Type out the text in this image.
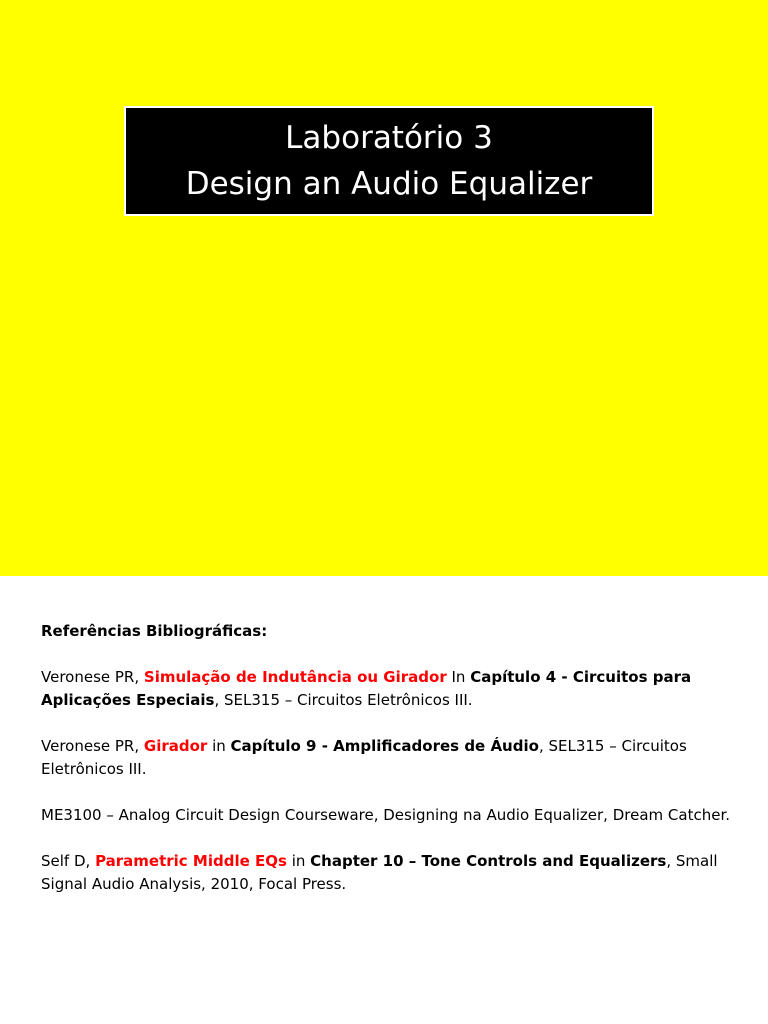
Laboratório 3
Design an Audio Equalizer
Referências Bibliográficas:
Veronese PR, Simulação de Indutância ou Girador In Capítulo 4 - Circuitos para Aplicações Especiais, SEL315 – Circuitos Eletrônicos III.
Veronese PR, Girador in Capítulo 9 - Amplificadores de Áudio, SEL315 – Circuitos Eletrônicos III.
ME3100 – Analog Circuit Design Courseware, Designing na Audio Equalizer, Dream Catcher.
Self D, Parametric Middle EQs in Chapter 10 – Tone Controls and Equalizers, Small Signal Audio Analysis, 2010, Focal Press.
